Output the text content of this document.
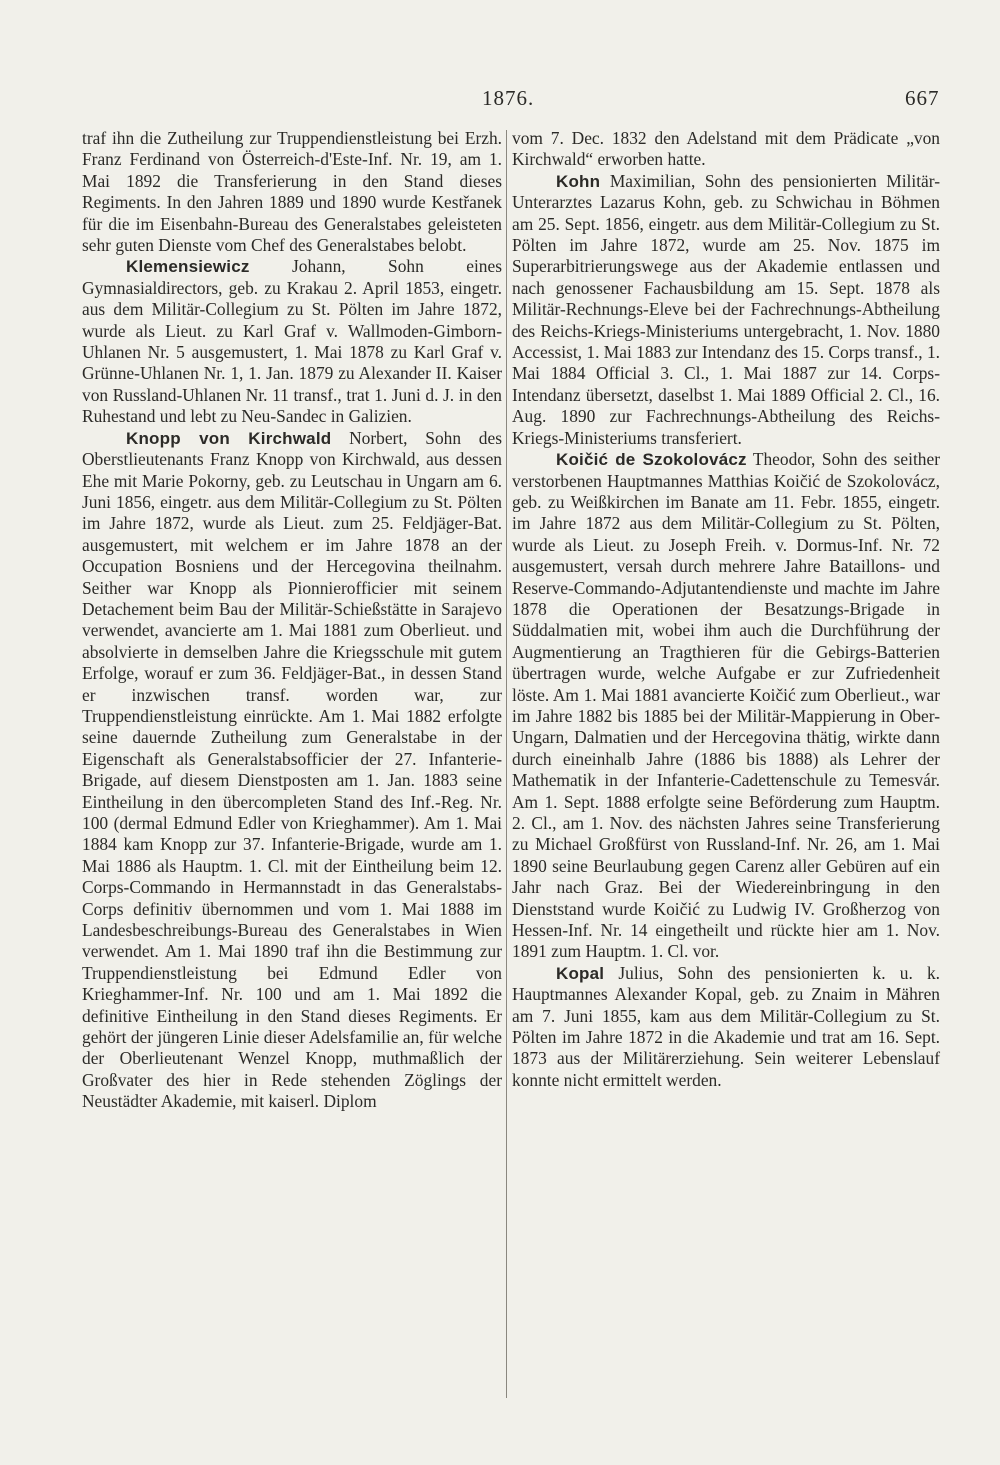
1876.	667

traf ihn die Zutheilung zur Truppendienstleistung bei Erzh. Franz Ferdinand von Österreich-d'Este-Inf. Nr. 19, am 1. Mai 1892 die Transferierung in den Stand dieses Regiments. In den Jahren 1889 und 1890 wurde Kestřanek für die im Eisenbahn-Bureau des Generalstabes geleisteten sehr guten Dienste vom Chef des Generalstabes belobt.

Klemensiewicz Johann, Sohn eines Gymnasialdirectors, geb. zu Krakau 2. April 1853, eingetr. aus dem Militär-Collegium zu St. Pölten im Jahre 1872, wurde als Lieut. zu Karl Graf v. Wallmoden-Gimborn-Uhlanen Nr. 5 ausgemustert, 1. Mai 1878 zu Karl Graf v. Grünne-Uhlanen Nr. 1, 1. Jan. 1879 zu Alexander II. Kaiser von Russland-Uhlanen Nr. 11 transf., trat 1. Juni d. J. in den Ruhestand und lebt zu Neu-Sandec in Galizien.

Knopp von Kirchwald Norbert, Sohn des Oberstlieutenants Franz Knopp von Kirchwald, aus dessen Ehe mit Marie Pokorny, geb. zu Leutschau in Ungarn am 6. Juni 1856, eingetr. aus dem Militär-Collegium zu St. Pölten im Jahre 1872, wurde als Lieut. zum 25. Feldjäger-Bat. ausgemustert, mit welchem er im Jahre 1878 an der Occupation Bosniens und der Hercegovina theilnahm. Seither war Knopp als Pionnierofficier mit seinem Detachement beim Bau der Militär-Schießstätte in Sarajevo verwendet, avancierte am 1. Mai 1881 zum Oberlieut. und absolvierte in demselben Jahre die Kriegsschule mit gutem Erfolge, worauf er zum 36. Feldjäger-Bat., in dessen Stand er inzwischen transf. worden war, zur Truppendienstleistung einrückte. Am 1. Mai 1882 erfolgte seine dauernde Zutheilung zum Generalstabe in der Eigenschaft als Generalstabsofficier der 27. Infanterie-Brigade, auf diesem Dienstposten am 1. Jan. 1883 seine Eintheilung in den übercompleten Stand des Inf.-Reg. Nr. 100 (dermal Edmund Edler von Krieghammer). Am 1. Mai 1884 kam Knopp zur 37. Infanterie-Brigade, wurde am 1. Mai 1886 als Hauptm. 1. Cl. mit der Eintheilung beim 12. Corps-Commando in Hermannstadt in das Generalstabs-Corps definitiv übernommen und vom 1. Mai 1888 im Landesbeschreibungs-Bureau des Generalstabes in Wien verwendet. Am 1. Mai 1890 traf ihn die Bestimmung zur Truppendienstleistung bei Edmund Edler von Krieghammer-Inf. Nr. 100 und am 1. Mai 1892 die definitive Eintheilung in den Stand dieses Regiments. Er gehört der jüngeren Linie dieser Adelsfamilie an, für welche der Oberlieutenant Wenzel Knopp, muthmaßlich der Großvater des hier in Rede stehenden Zöglings der Neustädter Akademie, mit kaiserl. Diplom

vom 7. Dec. 1832 den Adelstand mit dem Prädicate „von Kirchwald“ erworben hatte.

Kohn Maximilian, Sohn des pensionierten Militär-Unterarztes Lazarus Kohn, geb. zu Schwichau in Böhmen am 25. Sept. 1856, eingetr. aus dem Militär-Collegium zu St. Pölten im Jahre 1872, wurde am 25. Nov. 1875 im Superarbitrierungswege aus der Akademie entlassen und nach genossener Fachausbildung am 15. Sept. 1878 als Militär-Rechnungs-Eleve bei der Fachrechnungs-Abtheilung des Reichs-Kriegs-Ministeriums untergebracht, 1. Nov. 1880 Accessist, 1. Mai 1883 zur Intendanz des 15. Corps transf., 1. Mai 1884 Official 3. Cl., 1. Mai 1887 zur 14. Corps-Intendanz übersetzt, daselbst 1. Mai 1889 Official 2. Cl., 16. Aug. 1890 zur Fachrechnungs-Abtheilung des Reichs-Kriegs-Ministeriums transferiert.

Koičić de Szokolovácz Theodor, Sohn des seither verstorbenen Hauptmannes Matthias Koičić de Szokolovácz, geb. zu Weißkirchen im Banate am 11. Febr. 1855, eingetr. im Jahre 1872 aus dem Militär-Collegium zu St. Pölten, wurde als Lieut. zu Joseph Freih. v. Dormus-Inf. Nr. 72 ausgemustert, versah durch mehrere Jahre Bataillons- und Reserve-Commando-Adjutantendienste und machte im Jahre 1878 die Operationen der Besatzungs-Brigade in Süddalmatien mit, wobei ihm auch die Durchführung der Augmentierung an Tragthieren für die Gebirgs-Batterien übertragen wurde, welche Aufgabe er zur Zufriedenheit löste. Am 1. Mai 1881 avancierte Koičić zum Oberlieut., war im Jahre 1882 bis 1885 bei der Militär-Mappierung in Ober-Ungarn, Dalmatien und der Hercegovina thätig, wirkte dann durch eineinhalb Jahre (1886 bis 1888) als Lehrer der Mathematik in der Infanterie-Cadettenschule zu Temesvár. Am 1. Sept. 1888 erfolgte seine Beförderung zum Hauptm. 2. Cl., am 1. Nov. des nächsten Jahres seine Transferierung zu Michael Großfürst von Russland-Inf. Nr. 26, am 1. Mai 1890 seine Beurlaubung gegen Carenz aller Gebüren auf ein Jahr nach Graz. Bei der Wiedereinbringung in den Dienststand wurde Koičić zu Ludwig IV. Großherzog von Hessen-Inf. Nr. 14 eingetheilt und rückte hier am 1. Nov. 1891 zum Hauptm. 1. Cl. vor.

Kopal Julius, Sohn des pensionierten k. u. k. Hauptmannes Alexander Kopal, geb. zu Znaim in Mähren am 7. Juni 1855, kam aus dem Militär-Collegium zu St. Pölten im Jahre 1872 in die Akademie und trat am 16. Sept. 1873 aus der Militärerziehung. Sein weiterer Lebenslauf konnte nicht ermittelt werden.
